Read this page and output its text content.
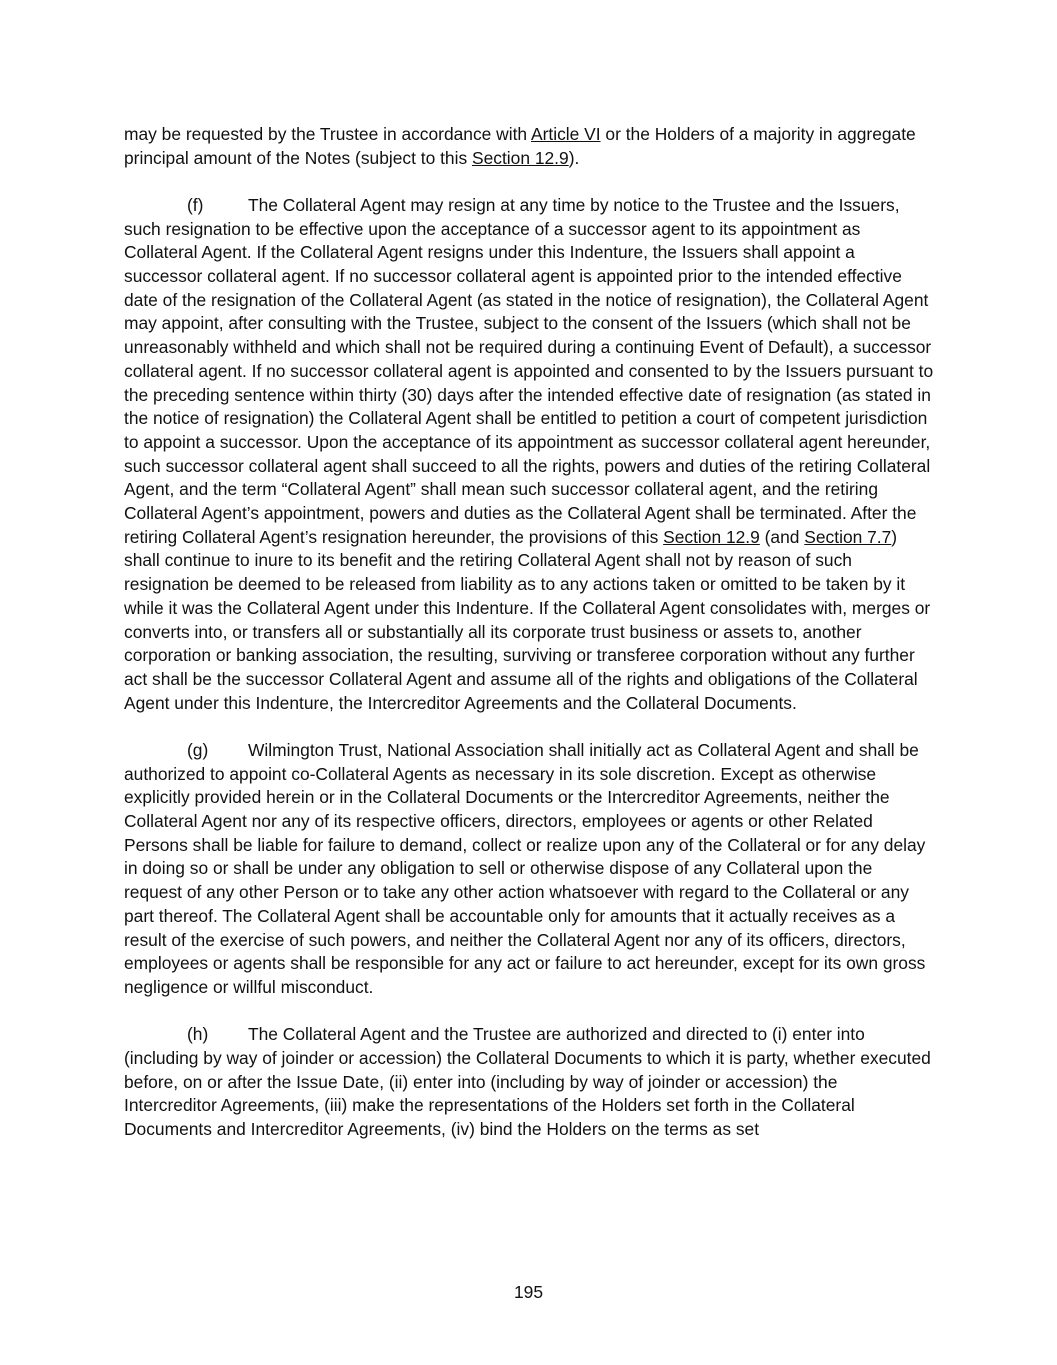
may be requested by the Trustee in accordance with Article VI or the Holders of a majority in aggregate principal amount of the Notes (subject to this Section 12.9).

(f)	The Collateral Agent may resign at any time by notice to the Trustee and the Issuers, such resignation to be effective upon the acceptance of a successor agent to its appointment as Collateral Agent. If the Collateral Agent resigns under this Indenture, the Issuers shall appoint a successor collateral agent. If no successor collateral agent is appointed prior to the intended effective date of the resignation of the Collateral Agent (as stated in the notice of resignation), the Collateral Agent may appoint, after consulting with the Trustee, subject to the consent of the Issuers (which shall not be unreasonably withheld and which shall not be required during a continuing Event of Default), a successor collateral agent. If no successor collateral agent is appointed and consented to by the Issuers pursuant to the preceding sentence within thirty (30) days after the intended effective date of resignation (as stated in the notice of resignation) the Collateral Agent shall be entitled to petition a court of competent jurisdiction to appoint a successor. Upon the acceptance of its appointment as successor collateral agent hereunder, such successor collateral agent shall succeed to all the rights, powers and duties of the retiring Collateral Agent, and the term “Collateral Agent” shall mean such successor collateral agent, and the retiring Collateral Agent’s appointment, powers and duties as the Collateral Agent shall be terminated. After the retiring Collateral Agent’s resignation hereunder, the provisions of this Section 12.9 (and Section 7.7) shall continue to inure to its benefit and the retiring Collateral Agent shall not by reason of such resignation be deemed to be released from liability as to any actions taken or omitted to be taken by it while it was the Collateral Agent under this Indenture. If the Collateral Agent consolidates with, merges or converts into, or transfers all or substantially all its corporate trust business or assets to, another corporation or banking association, the resulting, surviving or transferee corporation without any further act shall be the successor Collateral Agent and assume all of the rights and obligations of the Collateral Agent under this Indenture, the Intercreditor Agreements and the Collateral Documents.

(g) Wilmington Trust, National Association shall initially act as Collateral Agent and shall be authorized to appoint co-Collateral Agents as necessary in its sole discretion. Except as otherwise explicitly provided herein or in the Collateral Documents or the Intercreditor Agreements, neither the Collateral Agent nor any of its respective officers, directors, employees or agents or other Related Persons shall be liable for failure to demand, collect or realize upon any of the Collateral or for any delay in doing so or shall be under any obligation to sell or otherwise dispose of any Collateral upon the request of any other Person or to take any other action whatsoever with regard to the Collateral or any part thereof. The Collateral Agent shall be accountable only for amounts that it actually receives as a result of the exercise of such powers, and neither the Collateral Agent nor any of its officers, directors, employees or agents shall be responsible for any act or failure to act hereunder, except for its own gross negligence or willful misconduct.

(h) The Collateral Agent and the Trustee are authorized and directed to (i) enter into (including by way of joinder or accession) the Collateral Documents to which it is party, whether executed before, on or after the Issue Date, (ii) enter into (including by way of joinder or accession) the Intercreditor Agreements, (iii) make the representations of the Holders set forth in the Collateral Documents and Intercreditor Agreements, (iv) bind the Holders on the terms as set

195
